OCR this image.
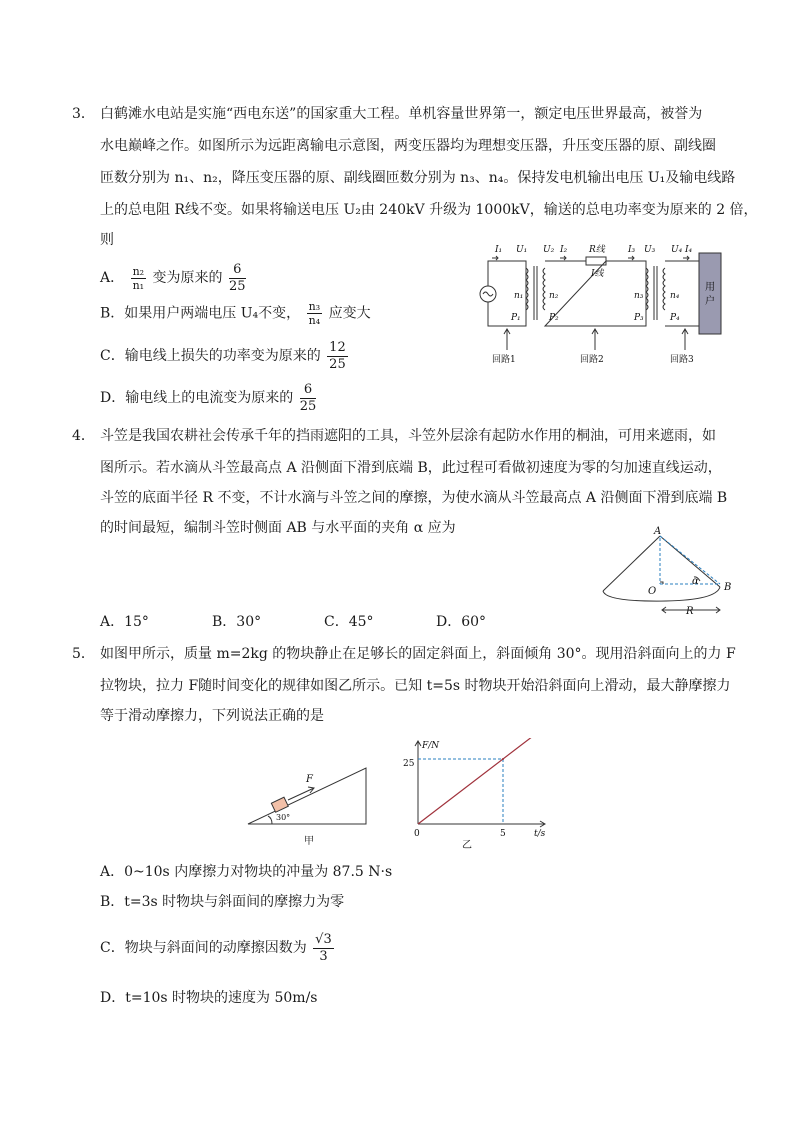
3． 白鹤滩水电站是实施“西电东送”的国家重大工程。单机容量世界第一，额定电压世界最高，被誉为
水电巅峰之作。如图所示为远距离输电示意图，两变压器均为理想变压器，升压变压器的原、副线圈
匝数分别为 n₁、n₂，降压变压器的原、副线圈匝数分别为 n₃、n₄。保持发电机输出电压 U₁及输电线路
上的总电阻 R线不变。如果将输送电压 U₂由 240kV 升级为 1000kV，输送的总电功率变为原来的 2 倍，
则
A． $\frac{\text{n₂}}{\text{n₁}}$ 变为原来的 $\frac{6}{25}$
B．如果用户两端电压 U₄不变， $\frac{\text{n₃}}{\text{n₄}}$ 应变大
C．输电线上损失的功率变为原来的 $\frac{12}{25}$
D．输电线上的电流变为原来的 $\frac{6}{25}$
用
户
I₁ U₁ U₂ I₂ R线	I₃ U₃ U₄ I₄
I线
n₁	n₂	n₃	n₄
P₁	P₂	P₃	P₄
回路1	回路2	回路3
4． 斗笠是我国农耕社会传承千年的挡雨遮阳的工具，斗笠外层涂有起防水作用的桐油，可用来遮雨，如
图所示。若水滴从斗笠最高点 A 沿侧面下滑到底端 B，此过程可看做初速度为零的匀加速直线运动，
斗笠的底面半径 R 不变，不计水滴与斗笠之间的摩擦，为使水滴从斗笠最高点 A 沿侧面下滑到底端 B
的时间最短，编制斗笠时侧面 AB 与水平面的夹角 α 应为	A
O	B
α
R
A．15°	B．30°	C．45°	D．60°
5． 如图甲所示，质量 m=2kg 的物块静止在足够长的固定斜面上，斜面倾角 30°。现用沿斜面向上的力 F
拉物块，拉力 F随时间变化的规律如图乙所示。已知 t=5s 时物块开始沿斜面向上滑动，最大静摩擦力
等于滑动摩擦力，下列说法正确的是
F
30°
甲
F/N
t/s
0
25
5
乙
A．0~10s 内摩擦力对物块的冲量为 87.5 N·s
B．t=3s 时物块与斜面间的摩擦力为零
C．物块与斜面间的动摩擦因数为 $\frac{√3}{3}$
D．t=10s 时物块的速度为 50m/s
